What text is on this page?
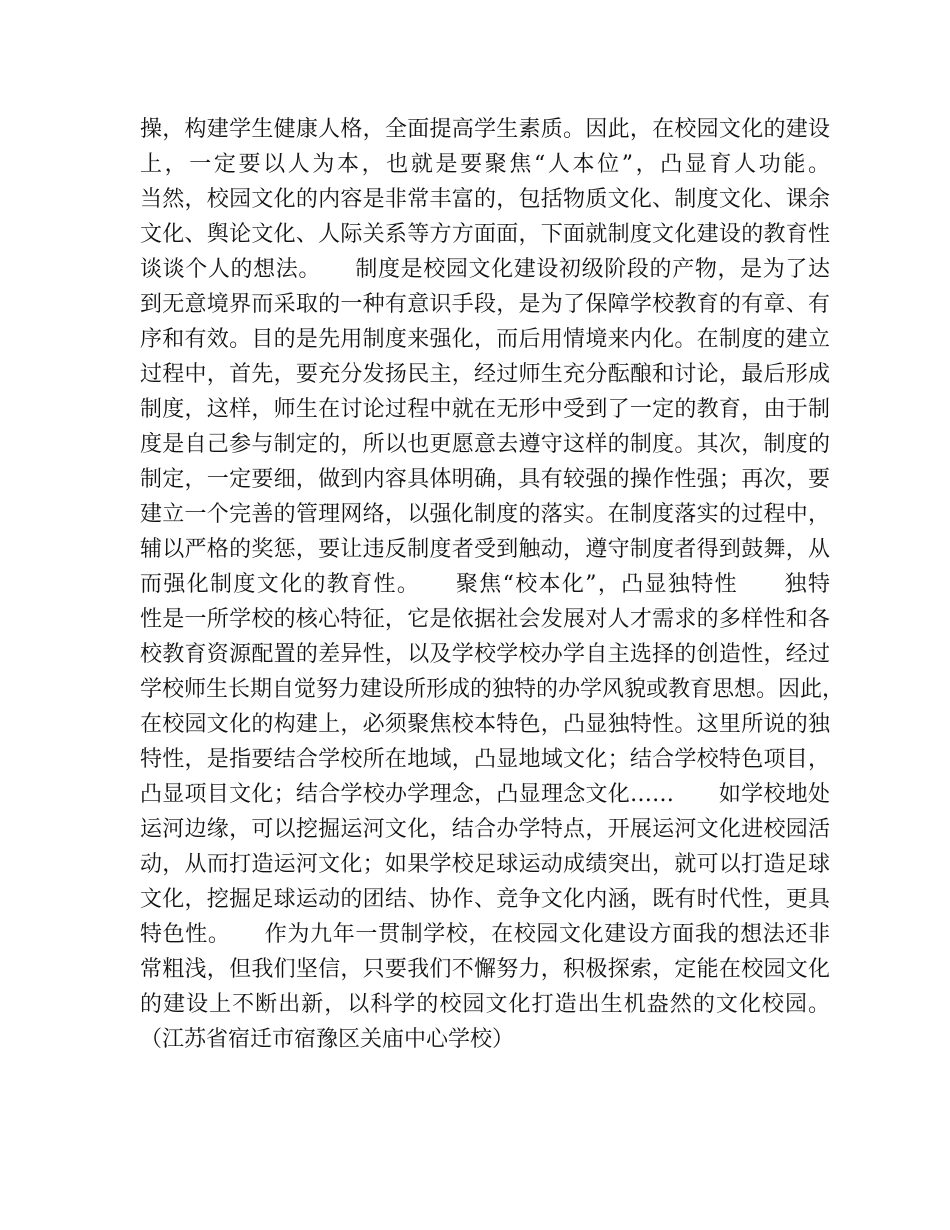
操，构建学生健康人格，全面提高学生素质。因此，在校园文化的建设
上，一定要以人为本，也就是要聚焦“人本位”，凸显育人功能。
当然，校园文化的内容是非常丰富的，包括物质文化、制度文化、课余
文化、舆论文化、人际关系等方方面面，下面就制度文化建设的教育性
谈谈个人的想法。　　制度是校园文化建设初级阶段的产物，是为了达
到无意境界而采取的一种有意识手段，是为了保障学校教育的有章、有
序和有效。目的是先用制度来强化，而后用情境来内化。在制度的建立
过程中，首先，要充分发扬民主，经过师生充分酝酿和讨论，最后形成
制度，这样，师生在讨论过程中就在无形中受到了一定的教育，由于制
度是自己参与制定的，所以也更愿意去遵守这样的制度。其次，制度的
制定，一定要细，做到内容具体明确，具有较强的操作性强；再次，要
建立一个完善的管理网络，以强化制度的落实。在制度落实的过程中，
辅以严格的奖惩，要让违反制度者受到触动，遵守制度者得到鼓舞，从
而强化制度文化的教育性。　　聚焦“校本化”，凸显独特性　　独特
性是一所学校的核心特征，它是依据社会发展对人才需求的多样性和各
校教育资源配置的差异性，以及学校学校办学自主选择的创造性，经过
学校师生长期自觉努力建设所形成的独特的办学风貌或教育思想。因此，
在校园文化的构建上，必须聚焦校本特色，凸显独特性。这里所说的独
特性，是指要结合学校所在地域，凸显地域文化；结合学校特色项目，
凸显项目文化；结合学校办学理念，凸显理念文化……　　如学校地处
运河边缘，可以挖掘运河文化，结合办学特点，开展运河文化进校园活
动，从而打造运河文化；如果学校足球运动成绩突出，就可以打造足球
文化，挖掘足球运动的团结、协作、竞争文化内涵，既有时代性，更具
特色性。　　作为九年一贯制学校，在校园文化建设方面我的想法还非
常粗浅，但我们坚信，只要我们不懈努力，积极探索，定能在校园文化
的建设上不断出新，以科学的校园文化打造出生机盎然的文化校园。
（江苏省宿迁市宿豫区关庙中心学校）
